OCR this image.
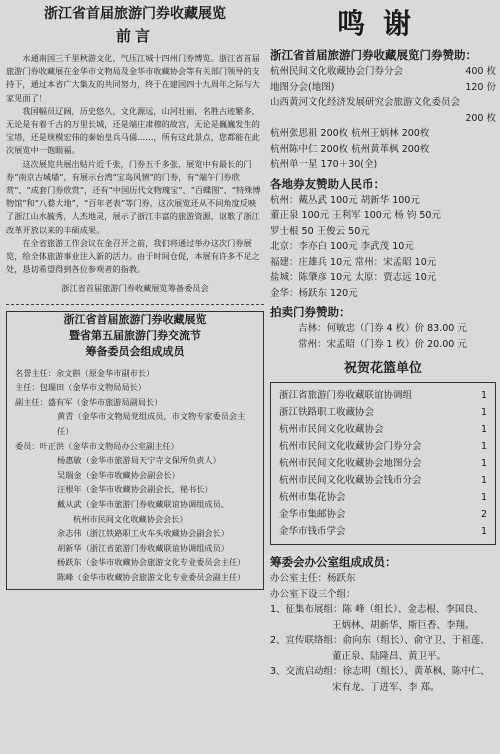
浙江省首届旅游门券收藏展览
前言

水通南国三千里秋游文化，气压江城十四州门券博览。浙江省首届旅游门券收藏展在金华市文物局及金华市收藏协会等有关部门领导的支持下，通过本省广大集友的共同努力，终于在建国四十九周年之际与大家见面了！

我国幅员辽阔，历史悠久，文化源远，山河壮丽，名胜古迹繁多，无论是有着千古的万里长城，还是端庄肃穆的故宫，无论是巍巍发生的宝塔，还是规模宏伟的秦始皇兵马俑……，所有这此景点，您都能在此次展览中一饱眼福。

这次展览共展出贴片近千张，门券五千多张，展览中有最长的门券“南京古城墙”，有展示台湾“宝岛风情”的门券，有“端午门券欣赏”、“成套门券欣赏”，还有“中国历代文物瑰宝”、“百蝶图”、“特殊博物馆”和“八婺大地”，“百年老表”等门券，这次展览还从不同角度反映了浙江山水毓秀，人杰地灵，展示了浙江丰富的旅游资源，讴歌了浙江改革开放以来的丰硕成果。

在全省旅游工作会议在金召开之前，我们将通过举办这次门券展览，给全体旅游事业注入新的活力。由于时间仓促，本展有许多不足之处，恳切希望得到各位参观者的指教。

浙江省首届旅游门券收藏展览筹备委员会

浙江省首届旅游门券收藏展览
暨省第五届旅游门券交流节
筹备委员会组成成员
名誉主任：余文斟（原金华市副市长）
主任：包瑞田（金华市文物局局长）
副主任：盛有军（金华市旅游局副局长）
黄青（金华市文物局党组成员，市文物专家委员会主任）
委员：叶正洪（金华市文物局办公室副主任）
杨惠敏（金华市旅游局天宁寺文保所负责人）
吴瑞金（金华市收藏协会副会长）
汪根年（金华市收藏协会副会长，秘书长）
戴从武（金华市旅游门券收藏联谊协调组成员、
杭州市民间文化收藏协会会长）
余志伟（浙江铁路职工火车头收藏协会副会长）
胡新华（浙江省旅游门券收藏联谊协调组成员）
杨跃东（金华市收藏协会旅游文化专业委员会主任）
陈峰（金华市收藏协会旅游文化专业委员会副主任）
鸣谢
浙江省首届旅游门券收藏展览门券赞助：
杭州民间文化收藏协会门券分会	400 枚
地图分会(地图)	120 份
山西黄河文化经济发展研究会旅游文化委员会
200 枚
杭州张思祖 200枚 杭州王炳林 200枚
杭州陈中仁 200枚 杭州黄革枫 200枚
杭州单一星 170＋30(全)
各地券友赞助人民币：
杭州：戴丛武 100元 胡新华 100元
董正泉 100元 王利军 100元 杨 钧 50元
罗士根 50 王俊云 50元
北京：李亦白 100元 李武茂 10元
福建：庄雄兵 10元 常州：宋孟昭 10元
盐城：陈肇彦 10元 太原：贾志远 10元
金华：杨跃东 120元
拍卖门券赞助：
吉林：何敏忠（门券 4 枚）价 83.00 元
常州：宋孟昭（门券 1 枚）价 20.00 元
祝贺花篮单位
浙江省旅游门券收藏联谊协调组	1
浙江铁路职工收藏协会	1
杭州市民间文化收藏协会	1
杭州市民间文化收藏协会门券分会	1
杭州市民间文化收藏协会地图分会	1
杭州市民间文化收藏协会钱币分会	1
杭州市集花协会	1
金华市集邮协会	2
金华市钱币学会	1
筹委会办公室组成成员：
办公室主任：杨跃东
办公室下设三个组：
1、征集布展组：陈 峰（组长）、金志根、李国良、
王炳林、胡新华、斯巨香、李翔。
2、宣传联络组：俞向东（组长）、俞守卫、于祖莲、
董正泉、陆隆昌、黄卫平。
3、交流启动组：徐志明（组长）、黄革枫、陈中仁、
宋有龙、丁进军、李 郑。
